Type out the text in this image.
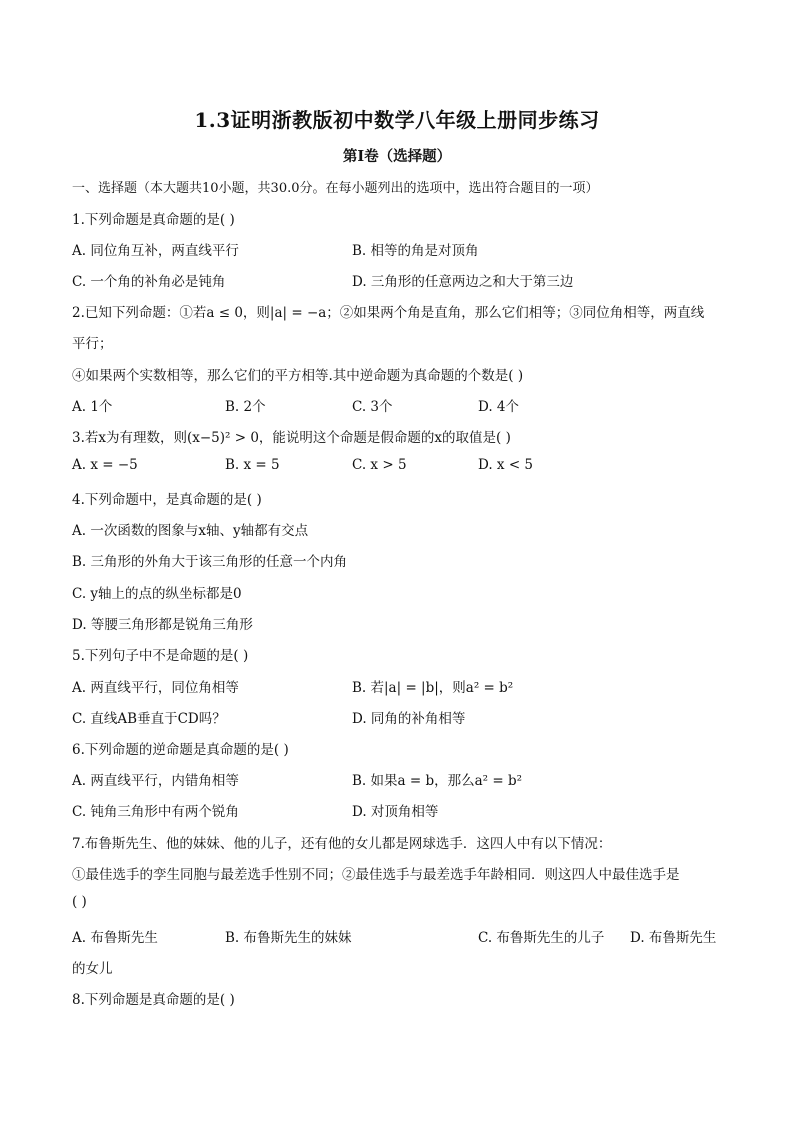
1.3证明浙教版初中数学八年级上册同步练习
第Ⅰ卷（选择题）
一、选择题（本大题共10小题，共30.0分。在每小题列出的选项中，选出符合题目的一项）
1.下列命题是真命题的是( )
A. 同位角互补，两直线平行	B. 相等的角是对顶角
C. 一个角的补角必是钝角	D. 三角形的任意两边之和大于第三边
2.已知下列命题：①若a ≤ 0，则|a| = −a；②如果两个角是直角，那么它们相等；③同位角相等，两直线
平行；
④如果两个实数相等，那么它们的平方相等.其中逆命题为真命题的个数是( )
A. 1个	B. 2个	C. 3个	D. 4个
3.若x为有理数，则(x−5)² > 0，能说明这个命题是假命题的x的取值是( )
A. x = −5	B. x = 5	C. x > 5	D. x < 5
4.下列命题中，是真命题的是( )
A. 一次函数的图象与x轴、y轴都有交点
B. 三角形的外角大于该三角形的任意一个内角
C. y轴上的点的纵坐标都是0
D. 等腰三角形都是锐角三角形
5.下列句子中不是命题的是( )
A. 两直线平行，同位角相等	B. 若|a| = |b|，则a² = b²
C. 直线AB垂直于CD吗？	D. 同角的补角相等
6.下列命题的逆命题是真命题的是( )
A. 两直线平行，内错角相等	B. 如果a = b，那么a² = b²
C. 钝角三角形中有两个锐角	D. 对顶角相等
7.布鲁斯先生、他的妹妹、他的儿子，还有他的女儿都是网球选手．这四人中有以下情况：
①最佳选手的孪生同胞与最差选手性别不同；②最佳选手与最差选手年龄相同．则这四人中最佳选手是
( )
A. 布鲁斯先生	B. 布鲁斯先生的妹妹	C. 布鲁斯先生的儿子 D. 布鲁斯先生
的女儿
8.下列命题是真命题的是( )
